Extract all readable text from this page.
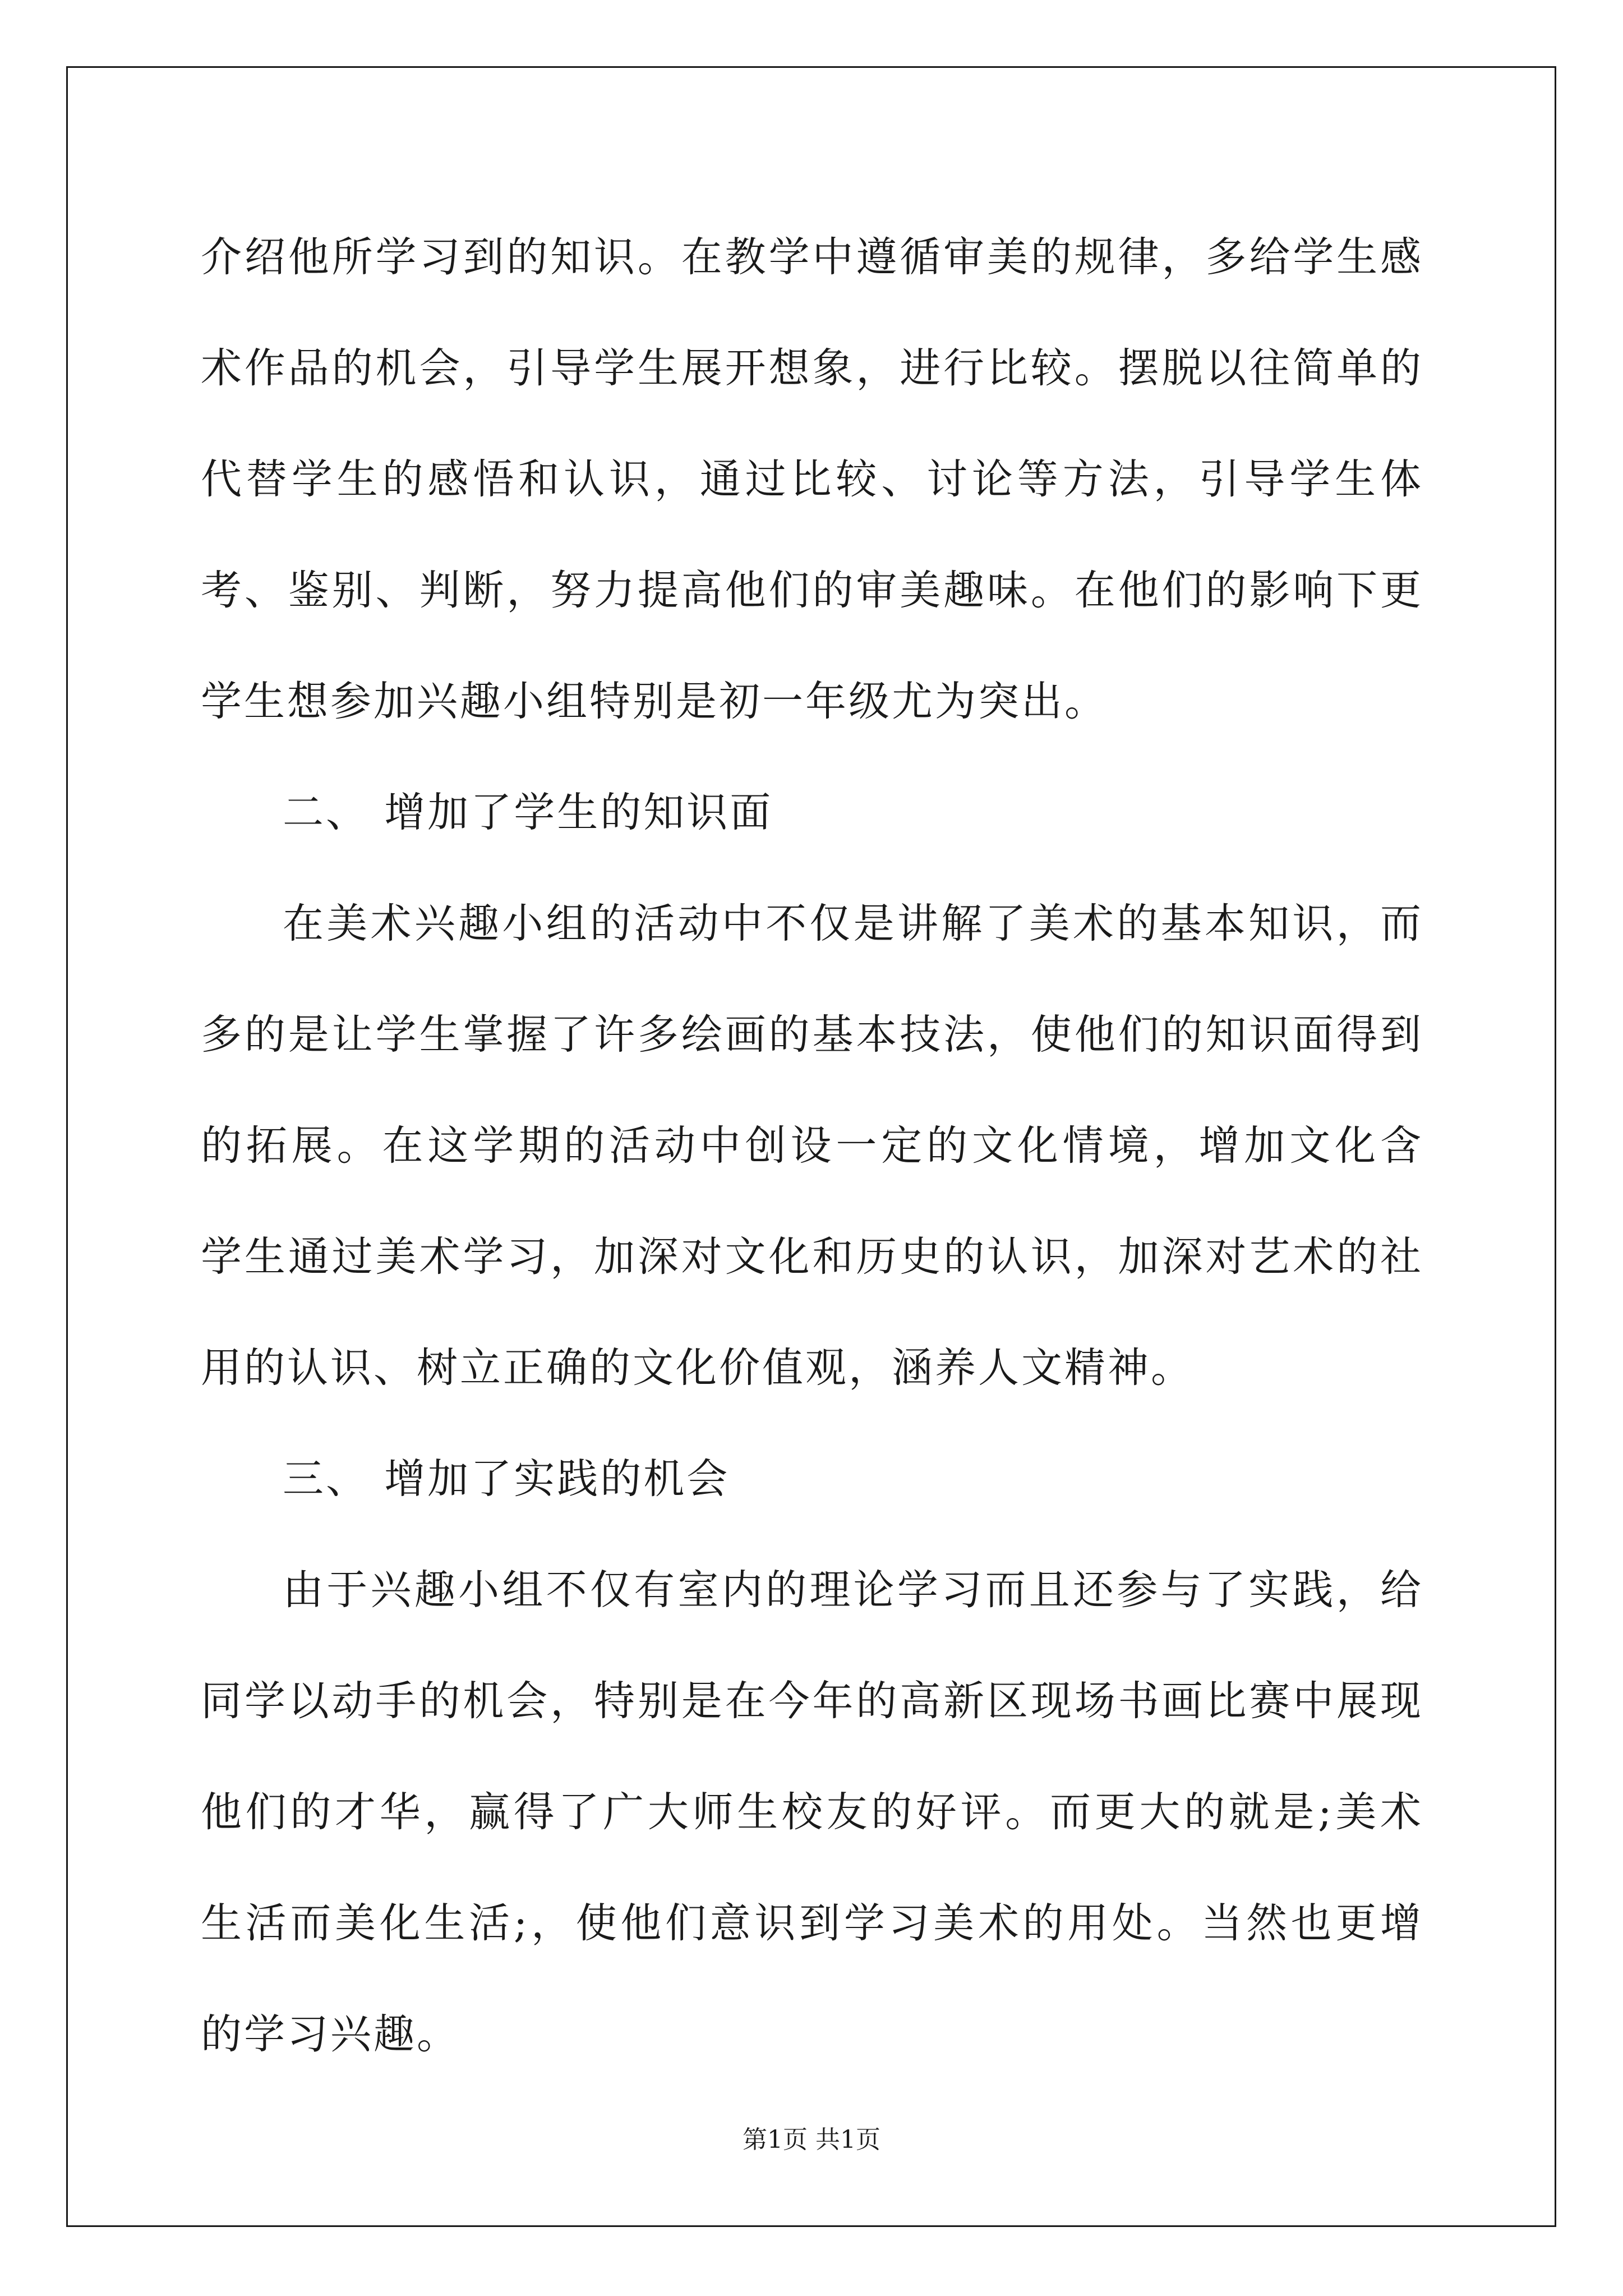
介绍他所学习到的知识。在教学中遵循审美的规律，多给学生感
术作品的机会，引导学生展开想象，进行比较。摆脱以往简单的
代替学生的感悟和认识，通过比较、讨论等方法，引导学生体
考、鉴别、判断，努力提高他们的审美趣味。在他们的影响下更
学生想参加兴趣小组特别是初一年级尤为突出。
二、 增加了学生的知识面
在美术兴趣小组的活动中不仅是讲解了美术的基本知识，而
多的是让学生掌握了许多绘画的基本技法，使他们的知识面得到
的拓展。在这学期的活动中创设一定的文化情境，增加文化含
学生通过美术学习，加深对文化和历史的认识，加深对艺术的社
用的认识、树立正确的文化价值观，涵养人文精神。
三、 增加了实践的机会
由于兴趣小组不仅有室内的理论学习而且还参与了实践，给
同学以动手的机会，特别是在今年的高新区现场书画比赛中展现
他们的才华，赢得了广大师生校友的好评。而更大的就是;美术
生活而美化生活;，使他们意识到学习美术的用处。当然也更增
的学习兴趣。
第1页 共1页
